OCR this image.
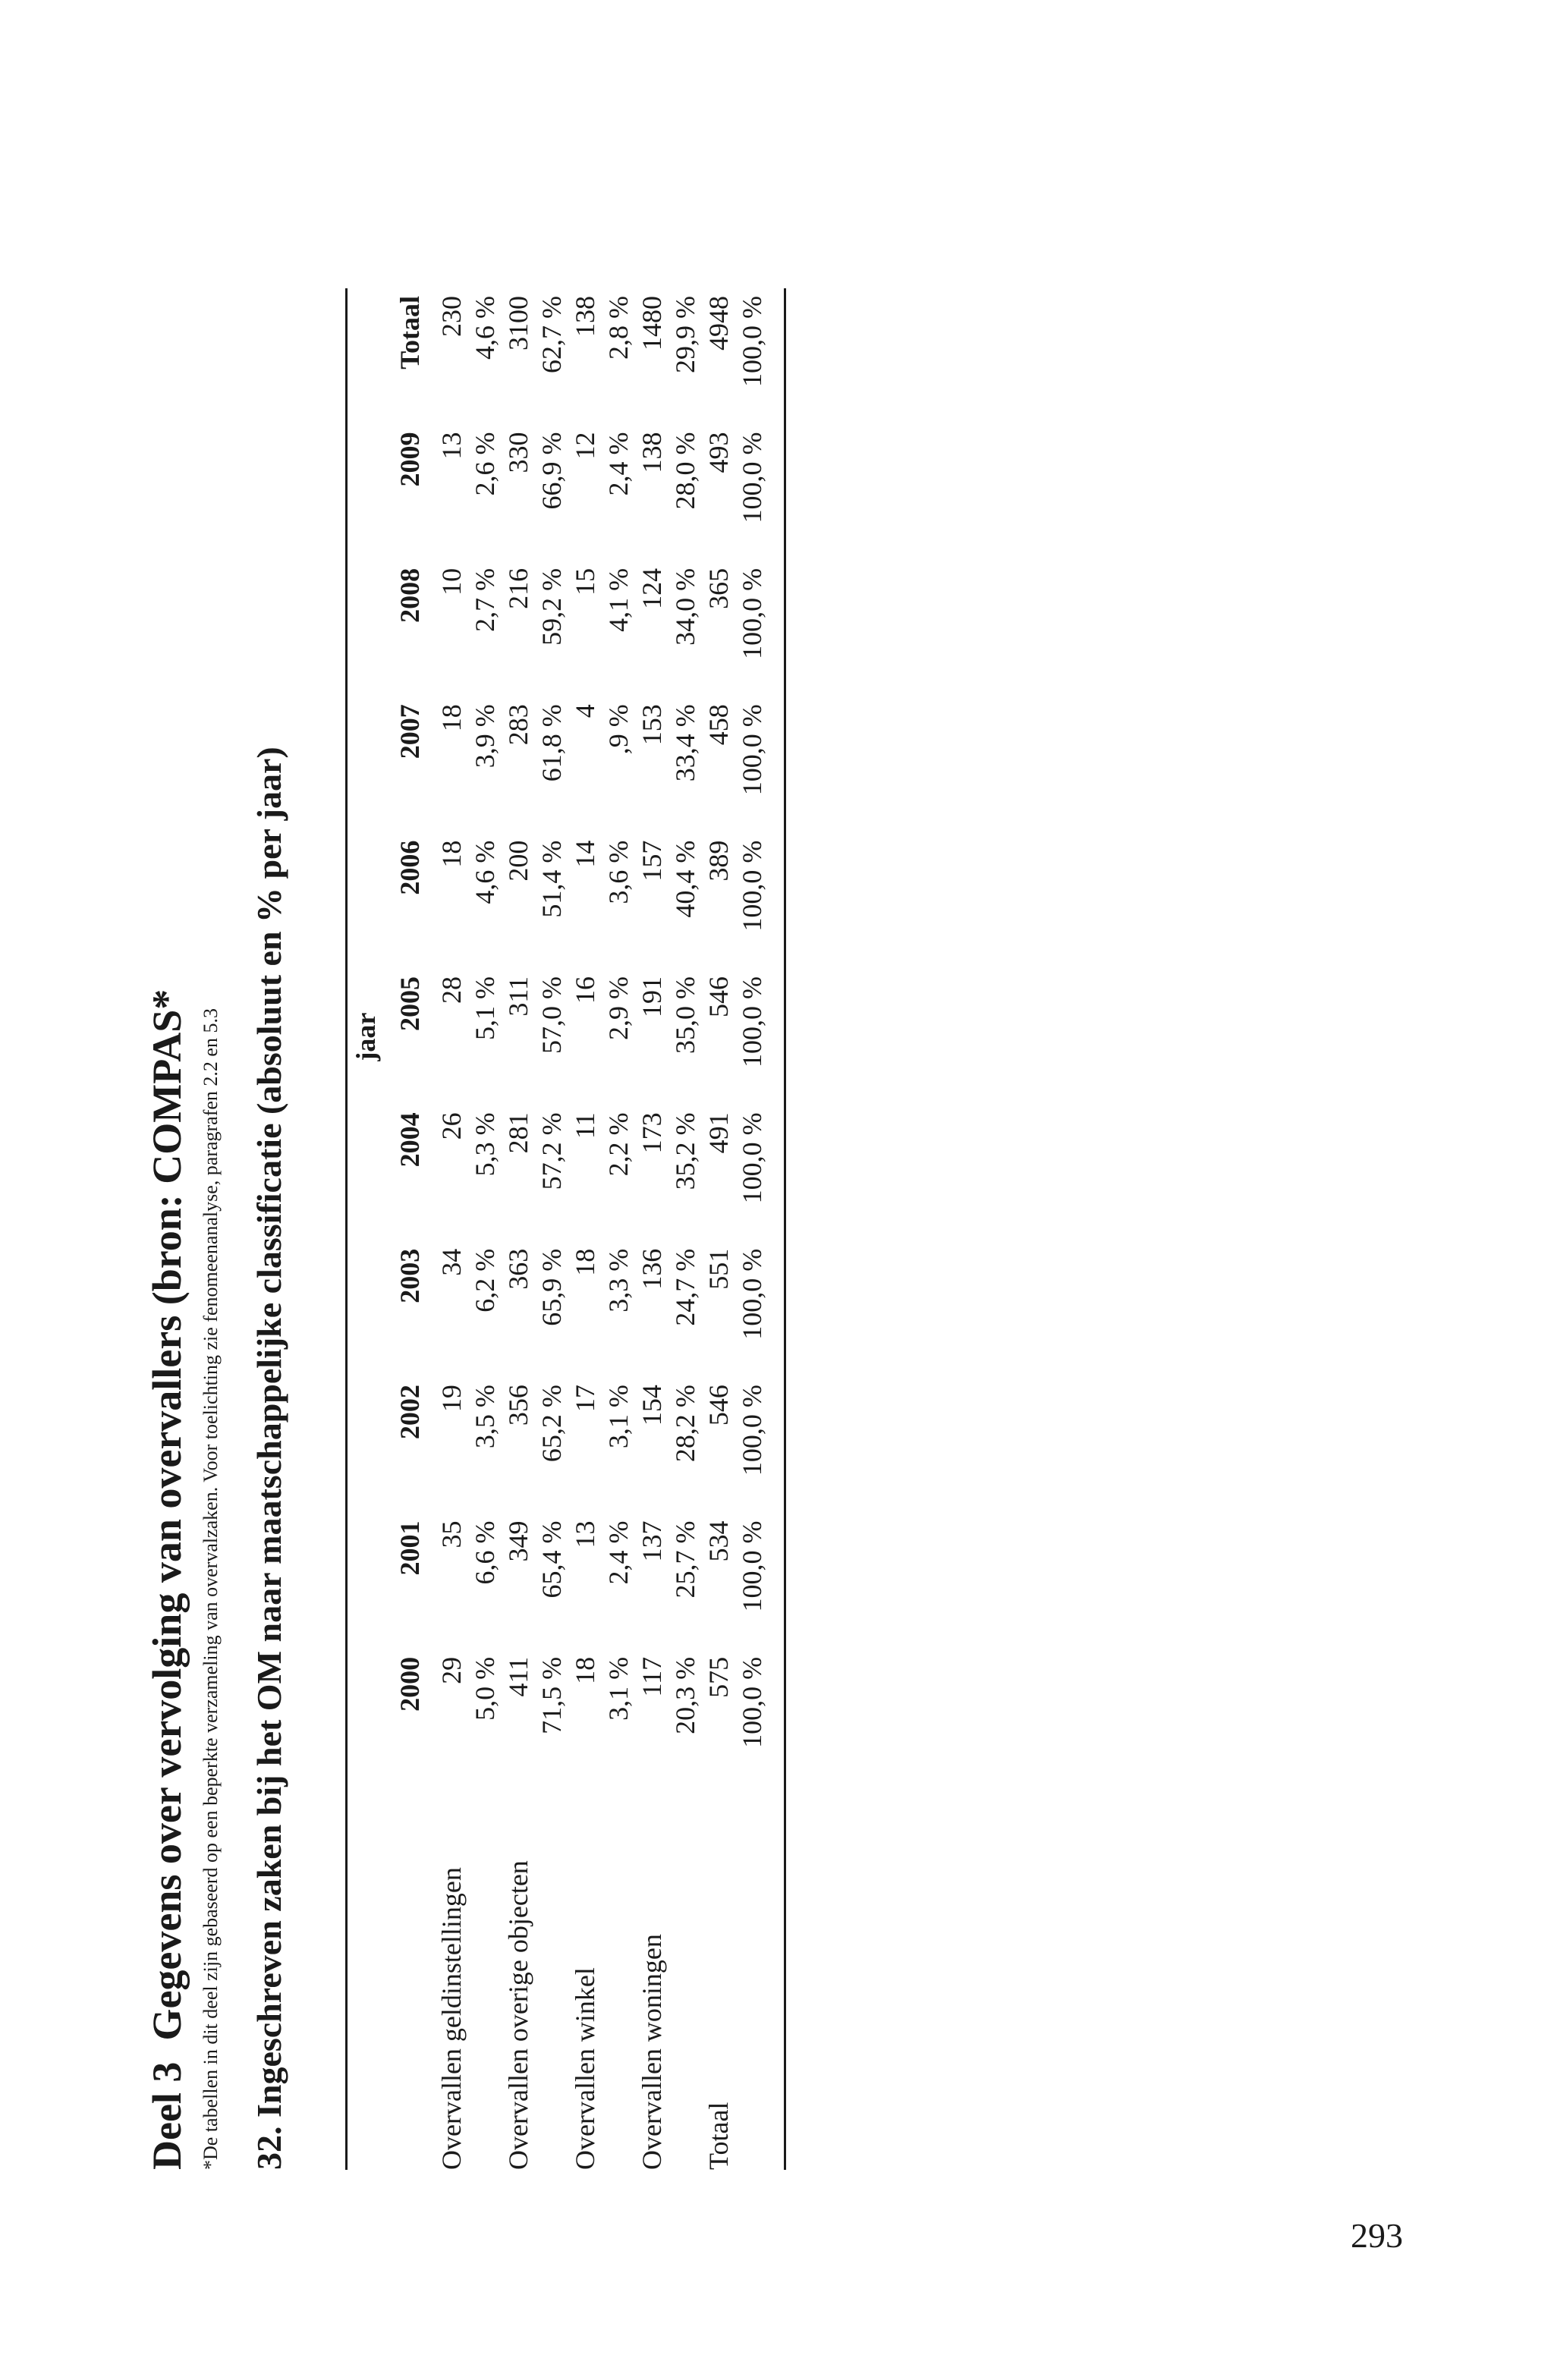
Deel 3Gegevens over vervolging van overvallers (bron: COMPAS* *De tabellen in dit deel zijn gebaseerd op een beperkte verzameling van overvalzaken. Voor toelichting zie fenomeenanalyse, paragrafen 2.2 en 5.3 32. Ingeschreven zaken bij het OM naar maatschappelijke classificatie (absoluut en % per jaar)
	jaar										
	2000	2001	2002	2003	2004	2005	2006	2007	2008	2009	Totaal
Overvallen geldinstellingen	29	35	19	34	26	28	18	18	10	13	230
	5,0 %	6,6 %	3,5 %	6,2 %	5,3 %	5,1 %	4,6 %	3,9 %	2,7 %	2,6 %	4,6 %
Overvallen overige objecten	411	349	356	363	281	311	200	283	216	330	3100
	71,5 %	65,4 %	65,2 %	65,9 %	57,2 %	57,0 %	51,4 %	61,8 %	59,2 %	66,9 %	62,7 %
Overvallen winkel	18	13	17	18	11	16	14	4	15	12	138
	3,1 %	2,4 %	3,1 %	3,3 %	2,2 %	2,9 %	3,6 %	,9 %	4,1 %	2,4 %	2,8 %
Overvallen woningen	117	137	154	136	173	191	157	153	124	138	1480
	20,3 %	25,7 %	28,2 %	24,7 %	35,2 %	35,0 %	40,4 %	33,4 %	34,0 %	28,0 %	29,9 %
Totaal	575	534	546	551	491	546	389	458	365	493	4948
	100,0 %	100,0 %	100,0 %	100,0 %	100,0 %	100,0 %	100,0 %	100,0 %	100,0 %	100,0 %	100,0 %
293
